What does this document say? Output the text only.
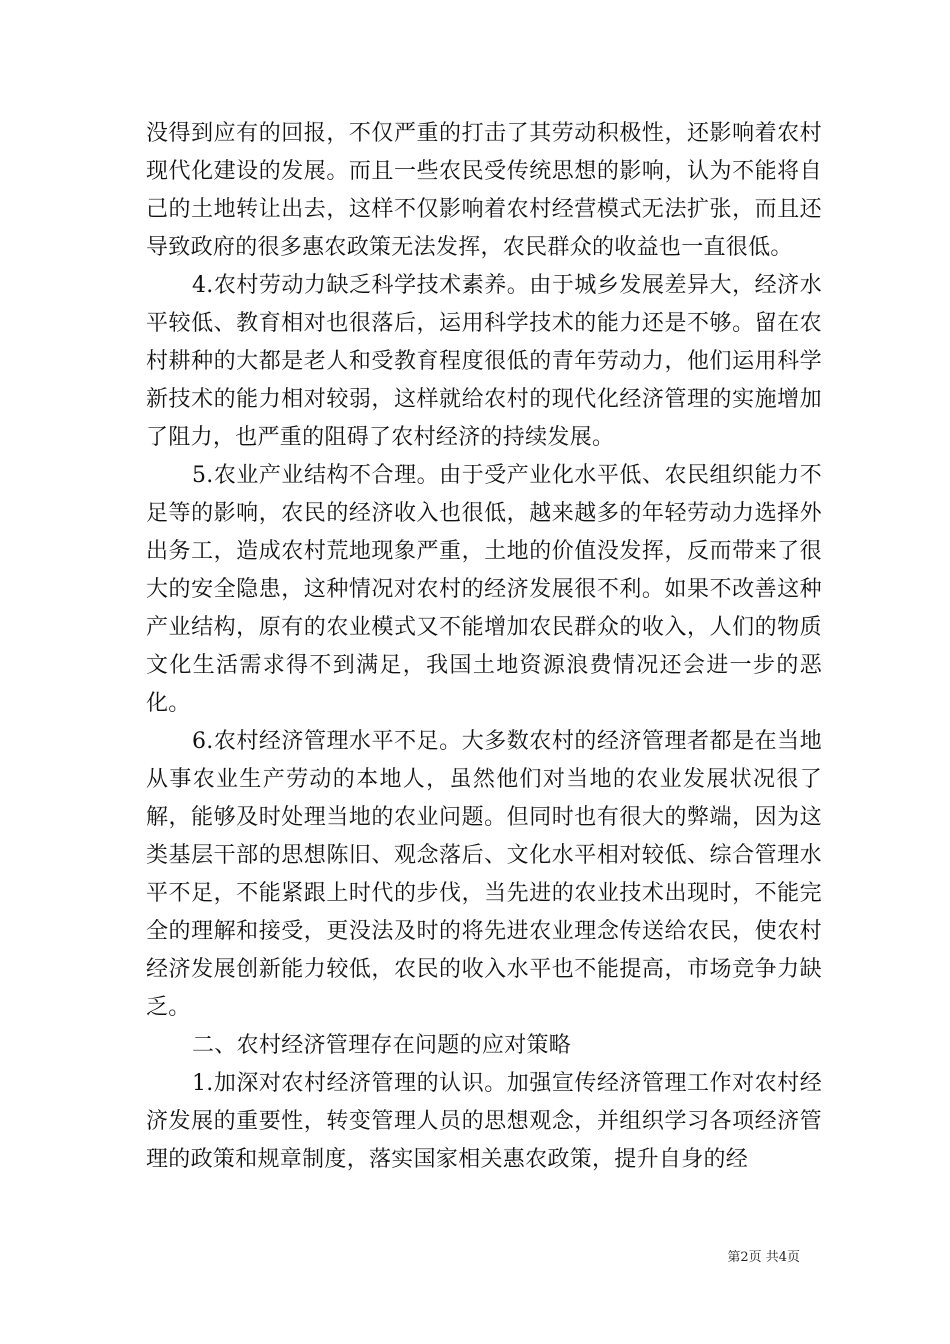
没得到应有的回报，不仅严重的打击了其劳动积极性，还影响着农村现代化建设的发展。而且一些农民受传统思想的影响，认为不能将自己的土地转让出去，这样不仅影响着农村经营模式无法扩张，而且还导致政府的很多惠农政策无法发挥，农民群众的收益也一直很低。

4.农村劳动力缺乏科学技术素养。由于城乡发展差异大，经济水平较低、教育相对也很落后，运用科学技术的能力还是不够。留在农村耕种的大都是老人和受教育程度很低的青年劳动力，他们运用科学新技术的能力相对较弱，这样就给农村的现代化经济管理的实施增加了阻力，也严重的阻碍了农村经济的持续发展。

5.农业产业结构不合理。由于受产业化水平低、农民组织能力不足等的影响，农民的经济收入也很低，越来越多的年轻劳动力选择外出务工，造成农村荒地现象严重，土地的价值没发挥，反而带来了很大的安全隐患，这种情况对农村的经济发展很不利。如果不改善这种产业结构，原有的农业模式又不能增加农民群众的收入，人们的物质文化生活需求得不到满足，我国土地资源浪费情况还会进一步的恶化。

6.农村经济管理水平不足。大多数农村的经济管理者都是在当地从事农业生产劳动的本地人，虽然他们对当地的农业发展状况很了解，能够及时处理当地的农业问题。但同时也有很大的弊端，因为这类基层干部的思想陈旧、观念落后、文化水平相对较低、综合管理水平不足，不能紧跟上时代的步伐，当先进的农业技术出现时，不能完全的理解和接受，更没法及时的将先进农业理念传送给农民，使农村经济发展创新能力较低，农民的收入水平也不能提高，市场竞争力缺乏。

二、农村经济管理存在问题的应对策略

1.加深对农村经济管理的认识。加强宣传经济管理工作对农村经济发展的重要性，转变管理人员的思想观念，并组织学习各项经济管理的政策和规章制度，落实国家相关惠农政策，提升自身的经

第2页 共4页
